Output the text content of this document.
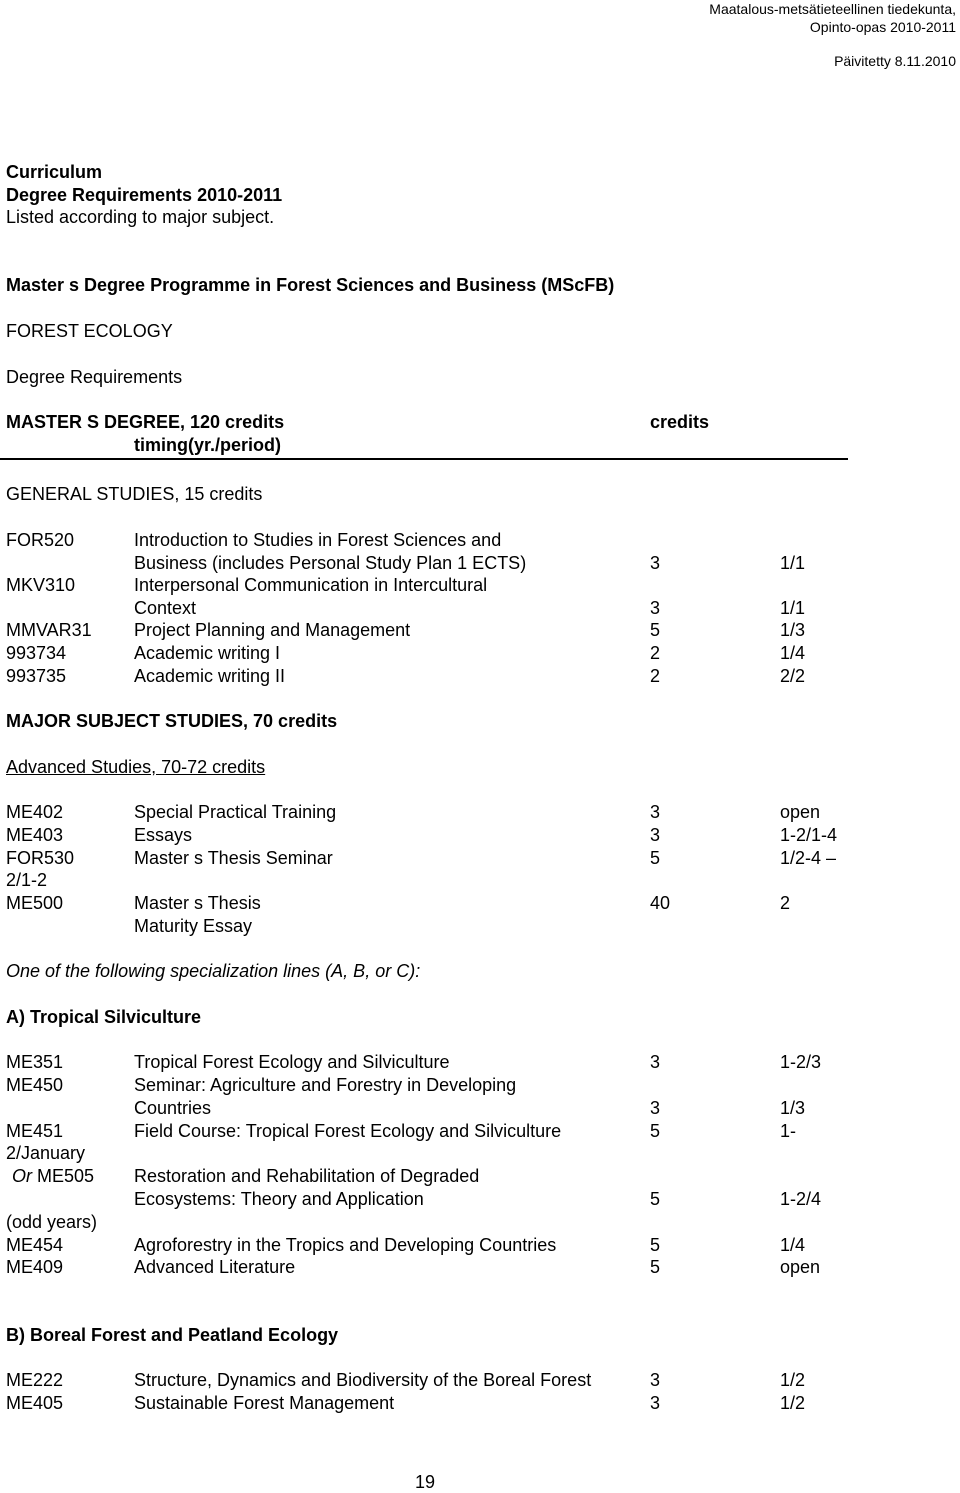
Maatalous-metsätieteellinen tiedekunta,
Opinto-opas 2010-2011
Päivitetty 8.11.2010
Curriculum
Degree Requirements 2010-2011
Listed according to major subject.
Master s Degree Programme in Forest Sciences and Business (MScFB)
FOREST ECOLOGY
Degree Requirements
MASTER S DEGREE, 120 credits	credits
timing(yr./period)
GENERAL STUDIES, 15 credits
FOR520	Introduction to Studies in Forest Sciences and
Business (includes Personal Study Plan 1 ECTS)	3	1/1
MKV310	Interpersonal Communication in Intercultural
Context	3	1/1
MMVAR31 Project Planning and Management	5	1/3
993734	Academic writing I	2	1/4
993735	Academic writing II	2	2/2
MAJOR SUBJECT STUDIES, 70 credits
Advanced Studies, 70-72 credits
ME402	Special Practical Training	3	open
ME403	Essays	3	1-2/1-4
FOR530	Master s Thesis Seminar	5	1/2-4 –
2/1-2
ME500	Master s Thesis	40	2
Maturity Essay
One of the following specialization lines (A, B, or C):
A) Tropical Silviculture
ME351	Tropical Forest Ecology and Silviculture	3	1-2/3
ME450	Seminar: Agriculture and Forestry in Developing
Countries	3	1/3
ME451	Field Course: Tropical Forest Ecology and Silviculture	5	1-
2/January
Or ME505 Restoration and Rehabilitation of Degraded
Ecosystems: Theory and Application	5	1-2/4
(odd years)
ME454	Agroforestry in the Tropics and Developing Countries	5	1/4
ME409	Advanced Literature	5	open
B) Boreal Forest and Peatland Ecology
ME222	Structure, Dynamics and Biodiversity of the Boreal Forest	3	1/2
ME405	Sustainable Forest Management	3	1/2
19
